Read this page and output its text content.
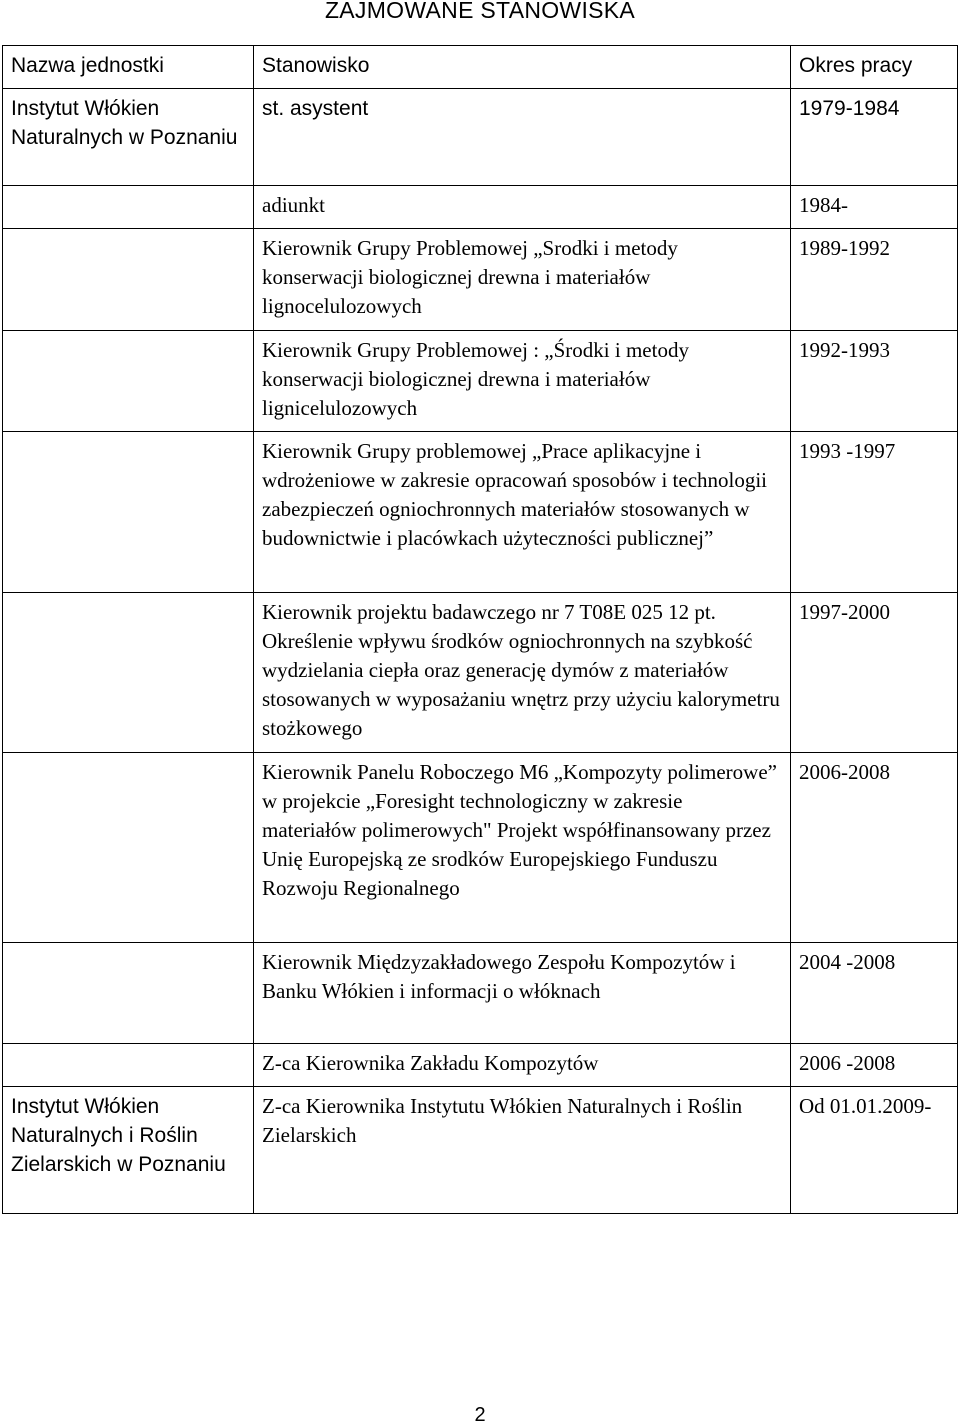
ZAJMOWANE STANOWISKA
Nazwa jednostki	Stanowisko	Okres pracy
Instytut Włókien Naturalnych w Poznaniu	st. asystent	1979-1984
	adiunkt	1984-
	Kierownik Grupy Problemowej „Srodki i metody konserwacji biologicznej drewna i materiałów lignocelulozowych	1989-1992
	Kierownik Grupy Problemowej : „Środki i metody konserwacji biologicznej drewna i materiałów lignicelulozowych	1992-1993
	Kierownik Grupy problemowej „Prace aplikacyjne i wdrożeniowe w zakresie opracowań sposobów i technologii zabezpieczeń ogniochronnych materiałów stosowanych w budownictwie i placówkach użyteczności publicznej”	1993 -1997
	Kierownik projektu badawczego nr 7 T08E 025 12 pt. Określenie wpływu środków ogniochronnych na szybkość wydzielania ciepła oraz generację dymów z materiałów stosowanych w wyposażaniu wnętrz przy użyciu kalorymetru stożkowego	1997-2000
	Kierownik Panelu Roboczego M6 „Kompozyty polimerowe” w projekcie „Foresight technologiczny w zakresie materiałów polimerowych" Projekt współfinansowany przez Unię Europejską ze srodków Europejskiego Funduszu Rozwoju Regionalnego	2006-2008
	Kierownik Międzyzakładowego Zespołu Kompozytów i Banku Włókien i informacji o włóknach	2004 -2008
	Z-ca Kierownika Zakładu Kompozytów	2006 -2008
Instytut Włókien Naturalnych i Roślin Zielarskich w Poznaniu	Z-ca Kierownika Instytutu Włókien Naturalnych i Roślin Zielarskich	Od 01.01.2009-
2
